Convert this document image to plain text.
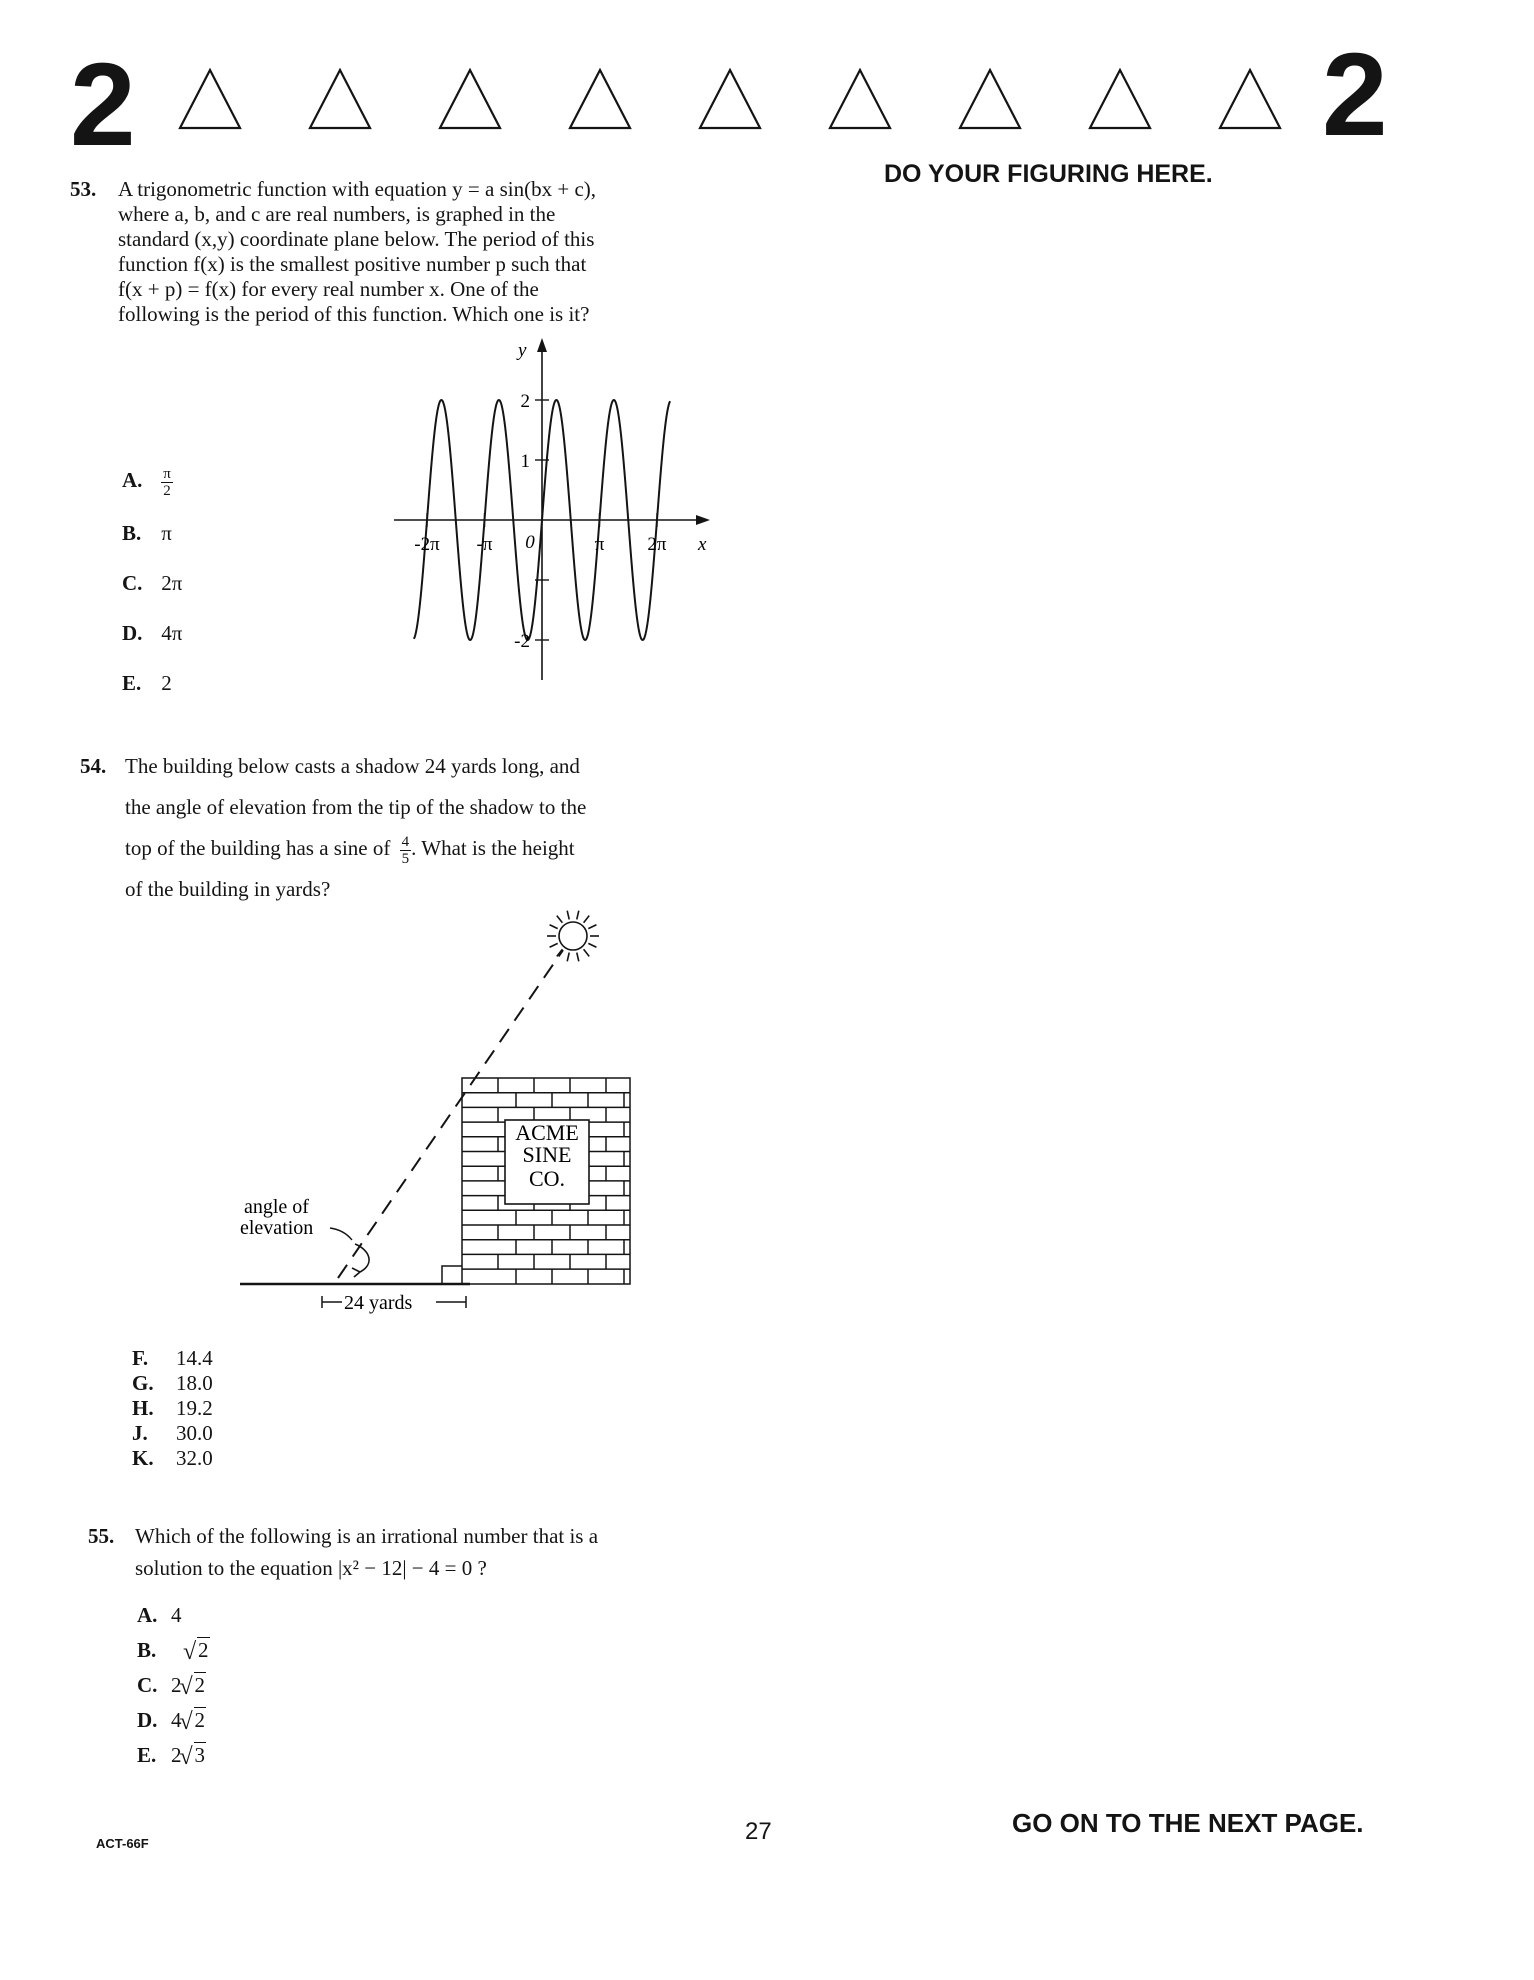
2	2
DO YOUR FIGURING HERE.
53. A trigonometric function with equation y = a sin(bx + c),
where a, b, and c are real numbers, is graphed in the
standard (x,y) coordinate plane below. The period of this
function f(x) is the smallest positive number p such that
f(x + p) = f(x) for every real number x. One of the
following is the period of this function. Which one is it?
A. $\frac{\pi}{2}$
B. π
C. 2π
D. 4π
E. 2
-2π -π	π 2π
2
1
-2
0	x
y
54. The building below casts a shadow 24 yards long, and
the angle of elevation from the tip of the shadow to the
top of the building has a sine of $\frac{4}{5}$ . What is the height
of the building in yards?
ACME
SINE
CO.
angle of
elevation
24 yards
F. 14.4
G. 18.0
H. 19.2
J. 30.0
K. 32.0
55. Which of the following is an irrational number that is a
solution to the equation |x² − 12| − 4 = 0 ?
A. 4
B. √ 2
C. 2 √ 2
D. 4 √ 2
E. 2 √ 3
ACT-66F	27	GO ON TO THE NEXT PAGE.
